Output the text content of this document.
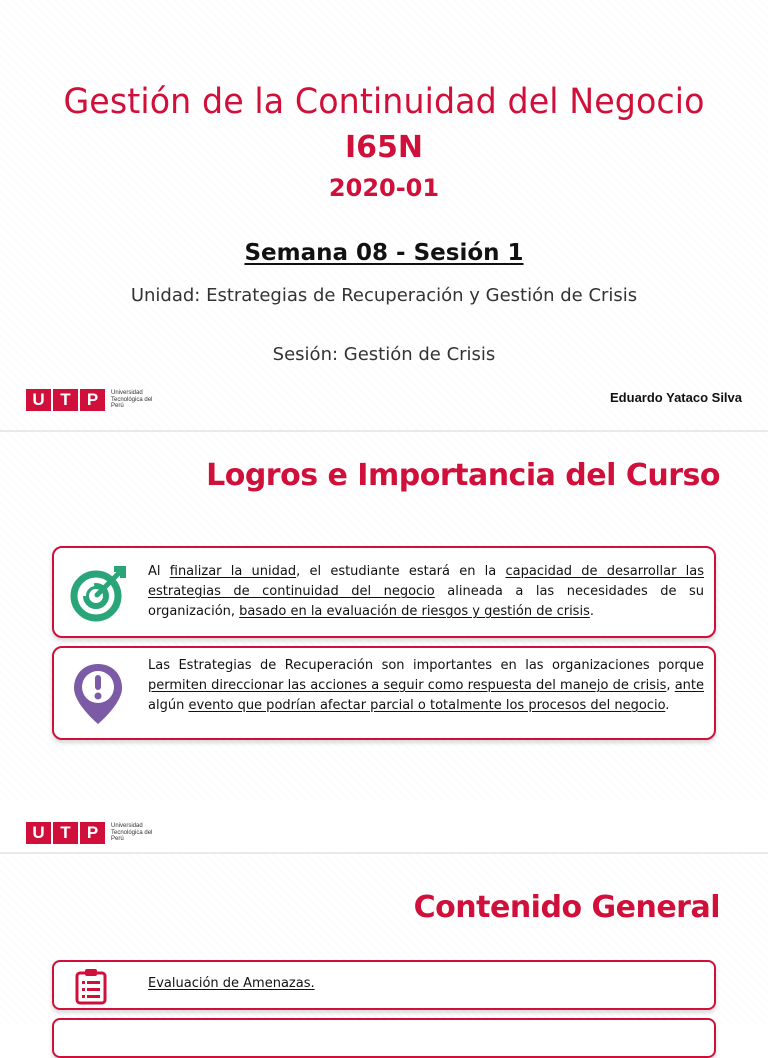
Gestión de la Continuidad del Negocio
I65N
2020-01
Semana 08 - Sesión 1
Unidad: Estrategias de Recuperación y Gestión de Crisis
Sesión: Gestión de Crisis
U T P	Universidad Tecnológica del Perú
Eduardo Yataco Silva
Logros e Importancia del Curso
Al finalizar la unidad, el estudiante estará en la capacidad de desarrollar las estrategias de continuidad del negocio alineada a las necesidades de su organización, basado en la evaluación de riesgos y gestión de crisis.
Las Estrategias de Recuperación son importantes en las organizaciones porque permiten direccionar las acciones a seguir como respuesta del manejo de crisis, ante algún evento que podrían afectar parcial o totalmente los procesos del negocio.
U T P	Universidad Tecnológica del Perú
Contenido General
Evaluación de Amenazas.
